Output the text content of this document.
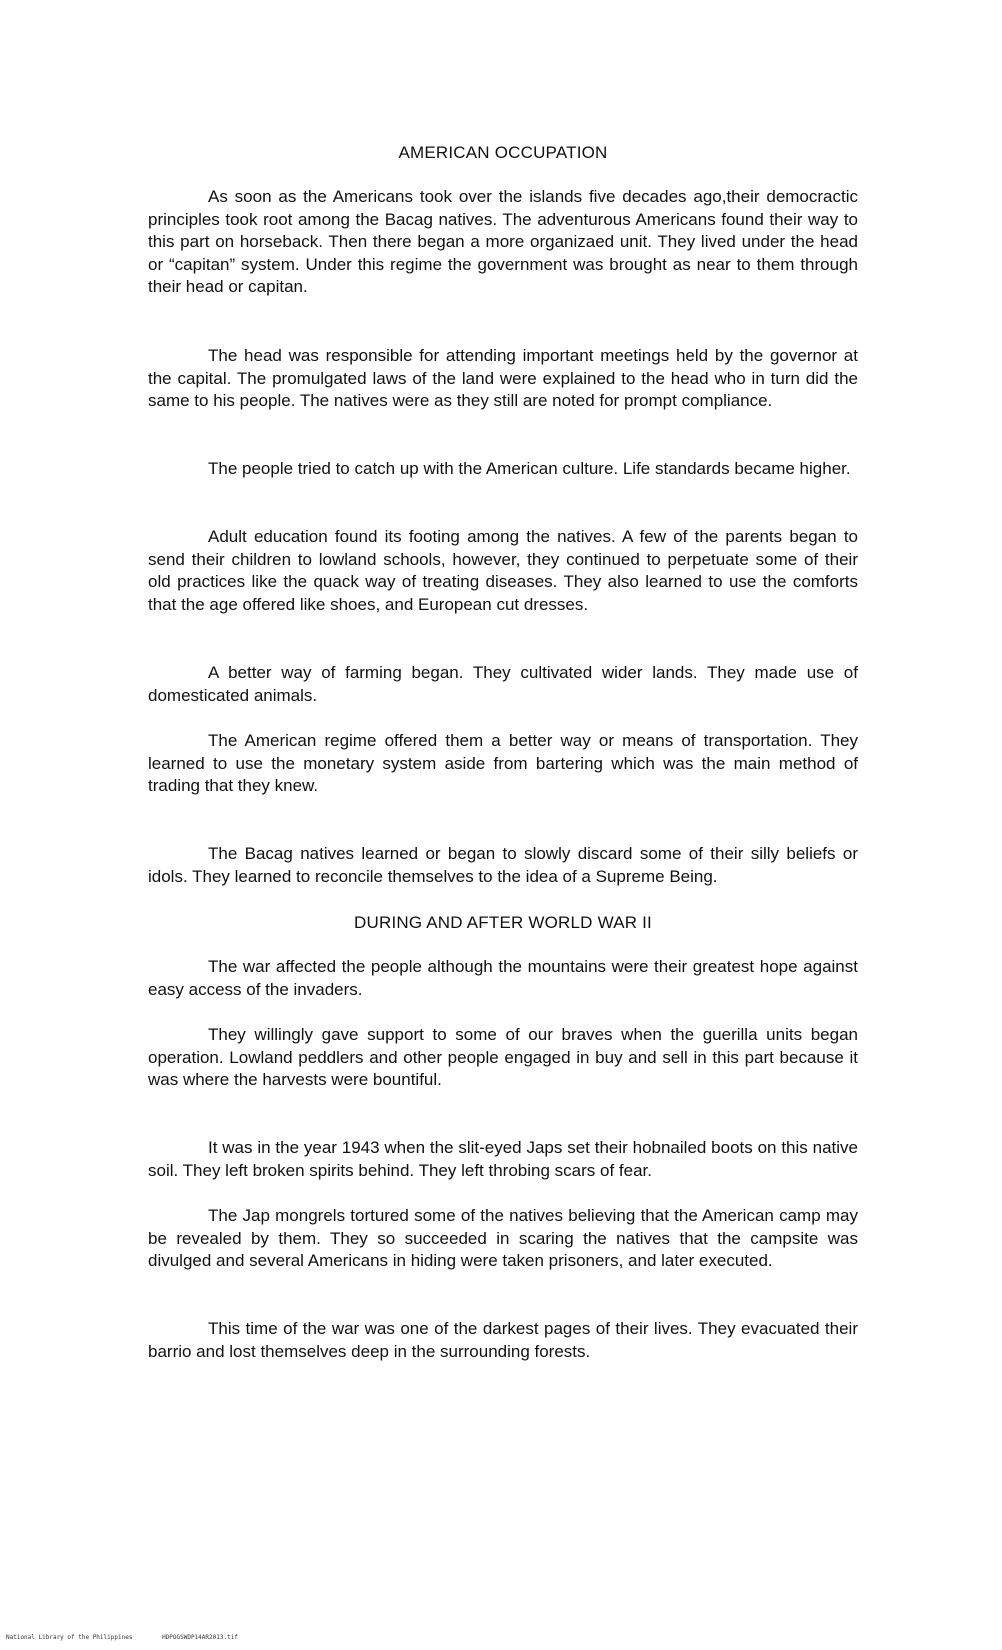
AMERICAN OCCUPATION

As soon as the Americans took over the islands five decades ago,their democractic principles took root among the Bacag natives. The adventurous Americans found their way to this part on horseback. Then there began a more organizaed unit. They lived under the head or “capitan” system. Under this regime the government was brought as near to them through their head or capitan.

The head was responsible for attending important meetings held by the governor at the capital. The promulgated laws of the land were explained to the head who in turn did the same to his people. The natives were as they still are noted for prompt compliance.

The people tried to catch up with the American culture. Life standards became higher.

Adult education found its footing among the natives. A few of the parents began to send their children to lowland schools, however, they continued to perpetuate some of their old practices like the quack way of treating diseases. They also learned to use the comforts that the age offered like shoes, and European cut dresses.

A better way of farming began. They cultivated wider lands. They made use of domesticated animals.

The American regime offered them a better way or means of transportation. They learned to use the monetary system aside from bartering which was the main method of trading that they knew.

The Bacag natives learned or began to slowly discard some of their silly beliefs or idols. They learned to reconcile themselves to the idea of a Supreme Being.

DURING AND AFTER WORLD WAR II

The war affected the people although the mountains were their greatest hope against easy access of the invaders.

They willingly gave support to some of our braves when the guerilla units began operation. Lowland peddlers and other people engaged in buy and sell in this part because it was where the harvests were bountiful.

It was in the year 1943 when the slit-eyed Japs set their hobnailed boots on this native soil. They left broken spirits behind. They left throbing scars of fear.

The Jap mongrels tortured some of the natives believing that the American camp may be revealed by them. They so succeeded in scaring the natives that the campsite was divulged and several Americans in hiding were taken prisoners, and later executed.

This time of the war was one of the darkest pages of their lives. They evacuated their barrio and lost themselves deep in the surrounding forests.

National Library of the Philippines	HDPOGSWDP14AR2013.tif
